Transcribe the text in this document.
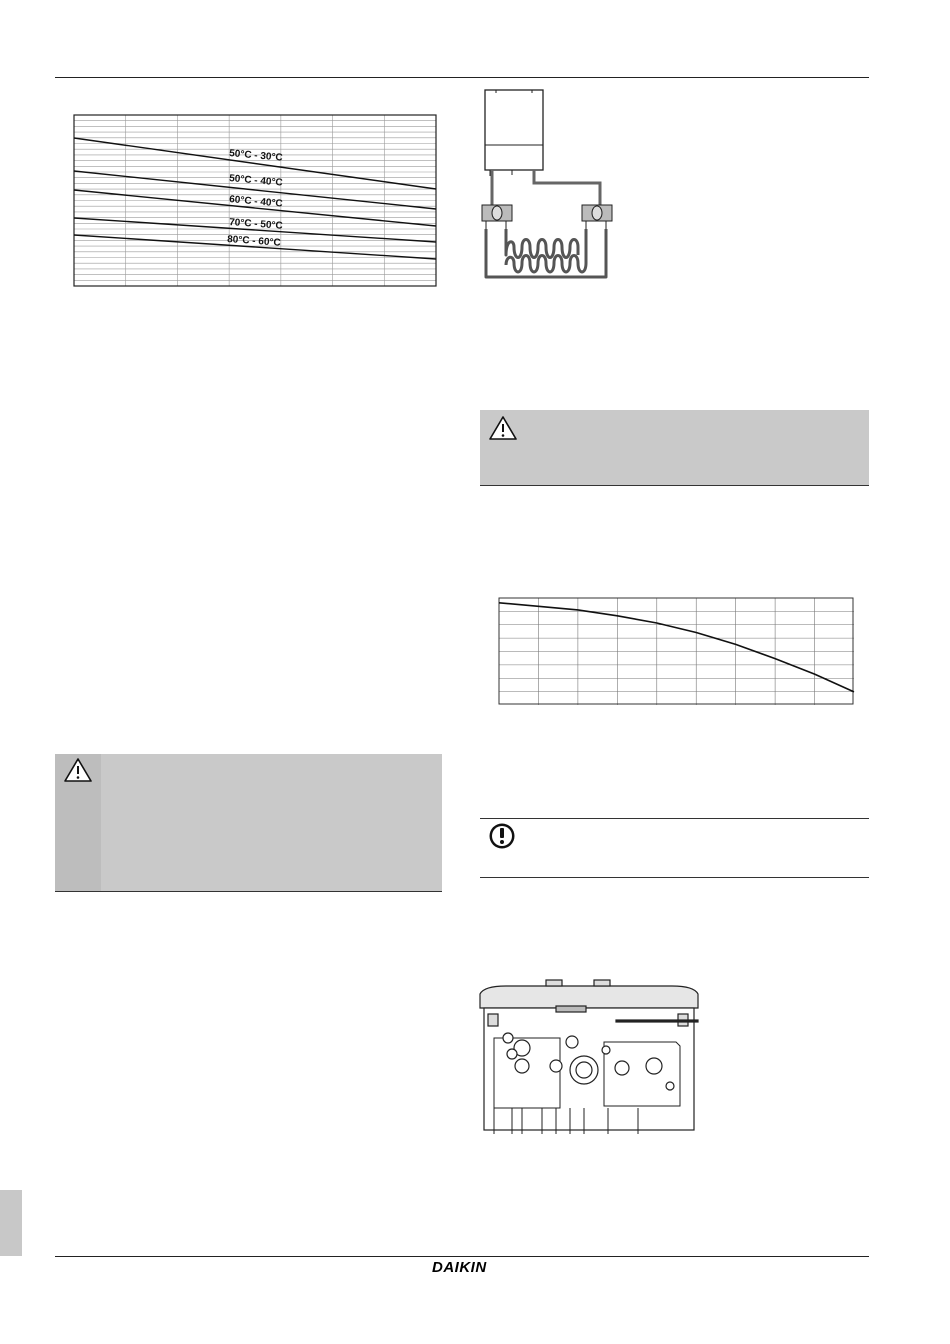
50°C - 30°C
50°C - 40°C
60°C - 40°C
70°C - 50°C
80°C - 60°C
DAIKIN
